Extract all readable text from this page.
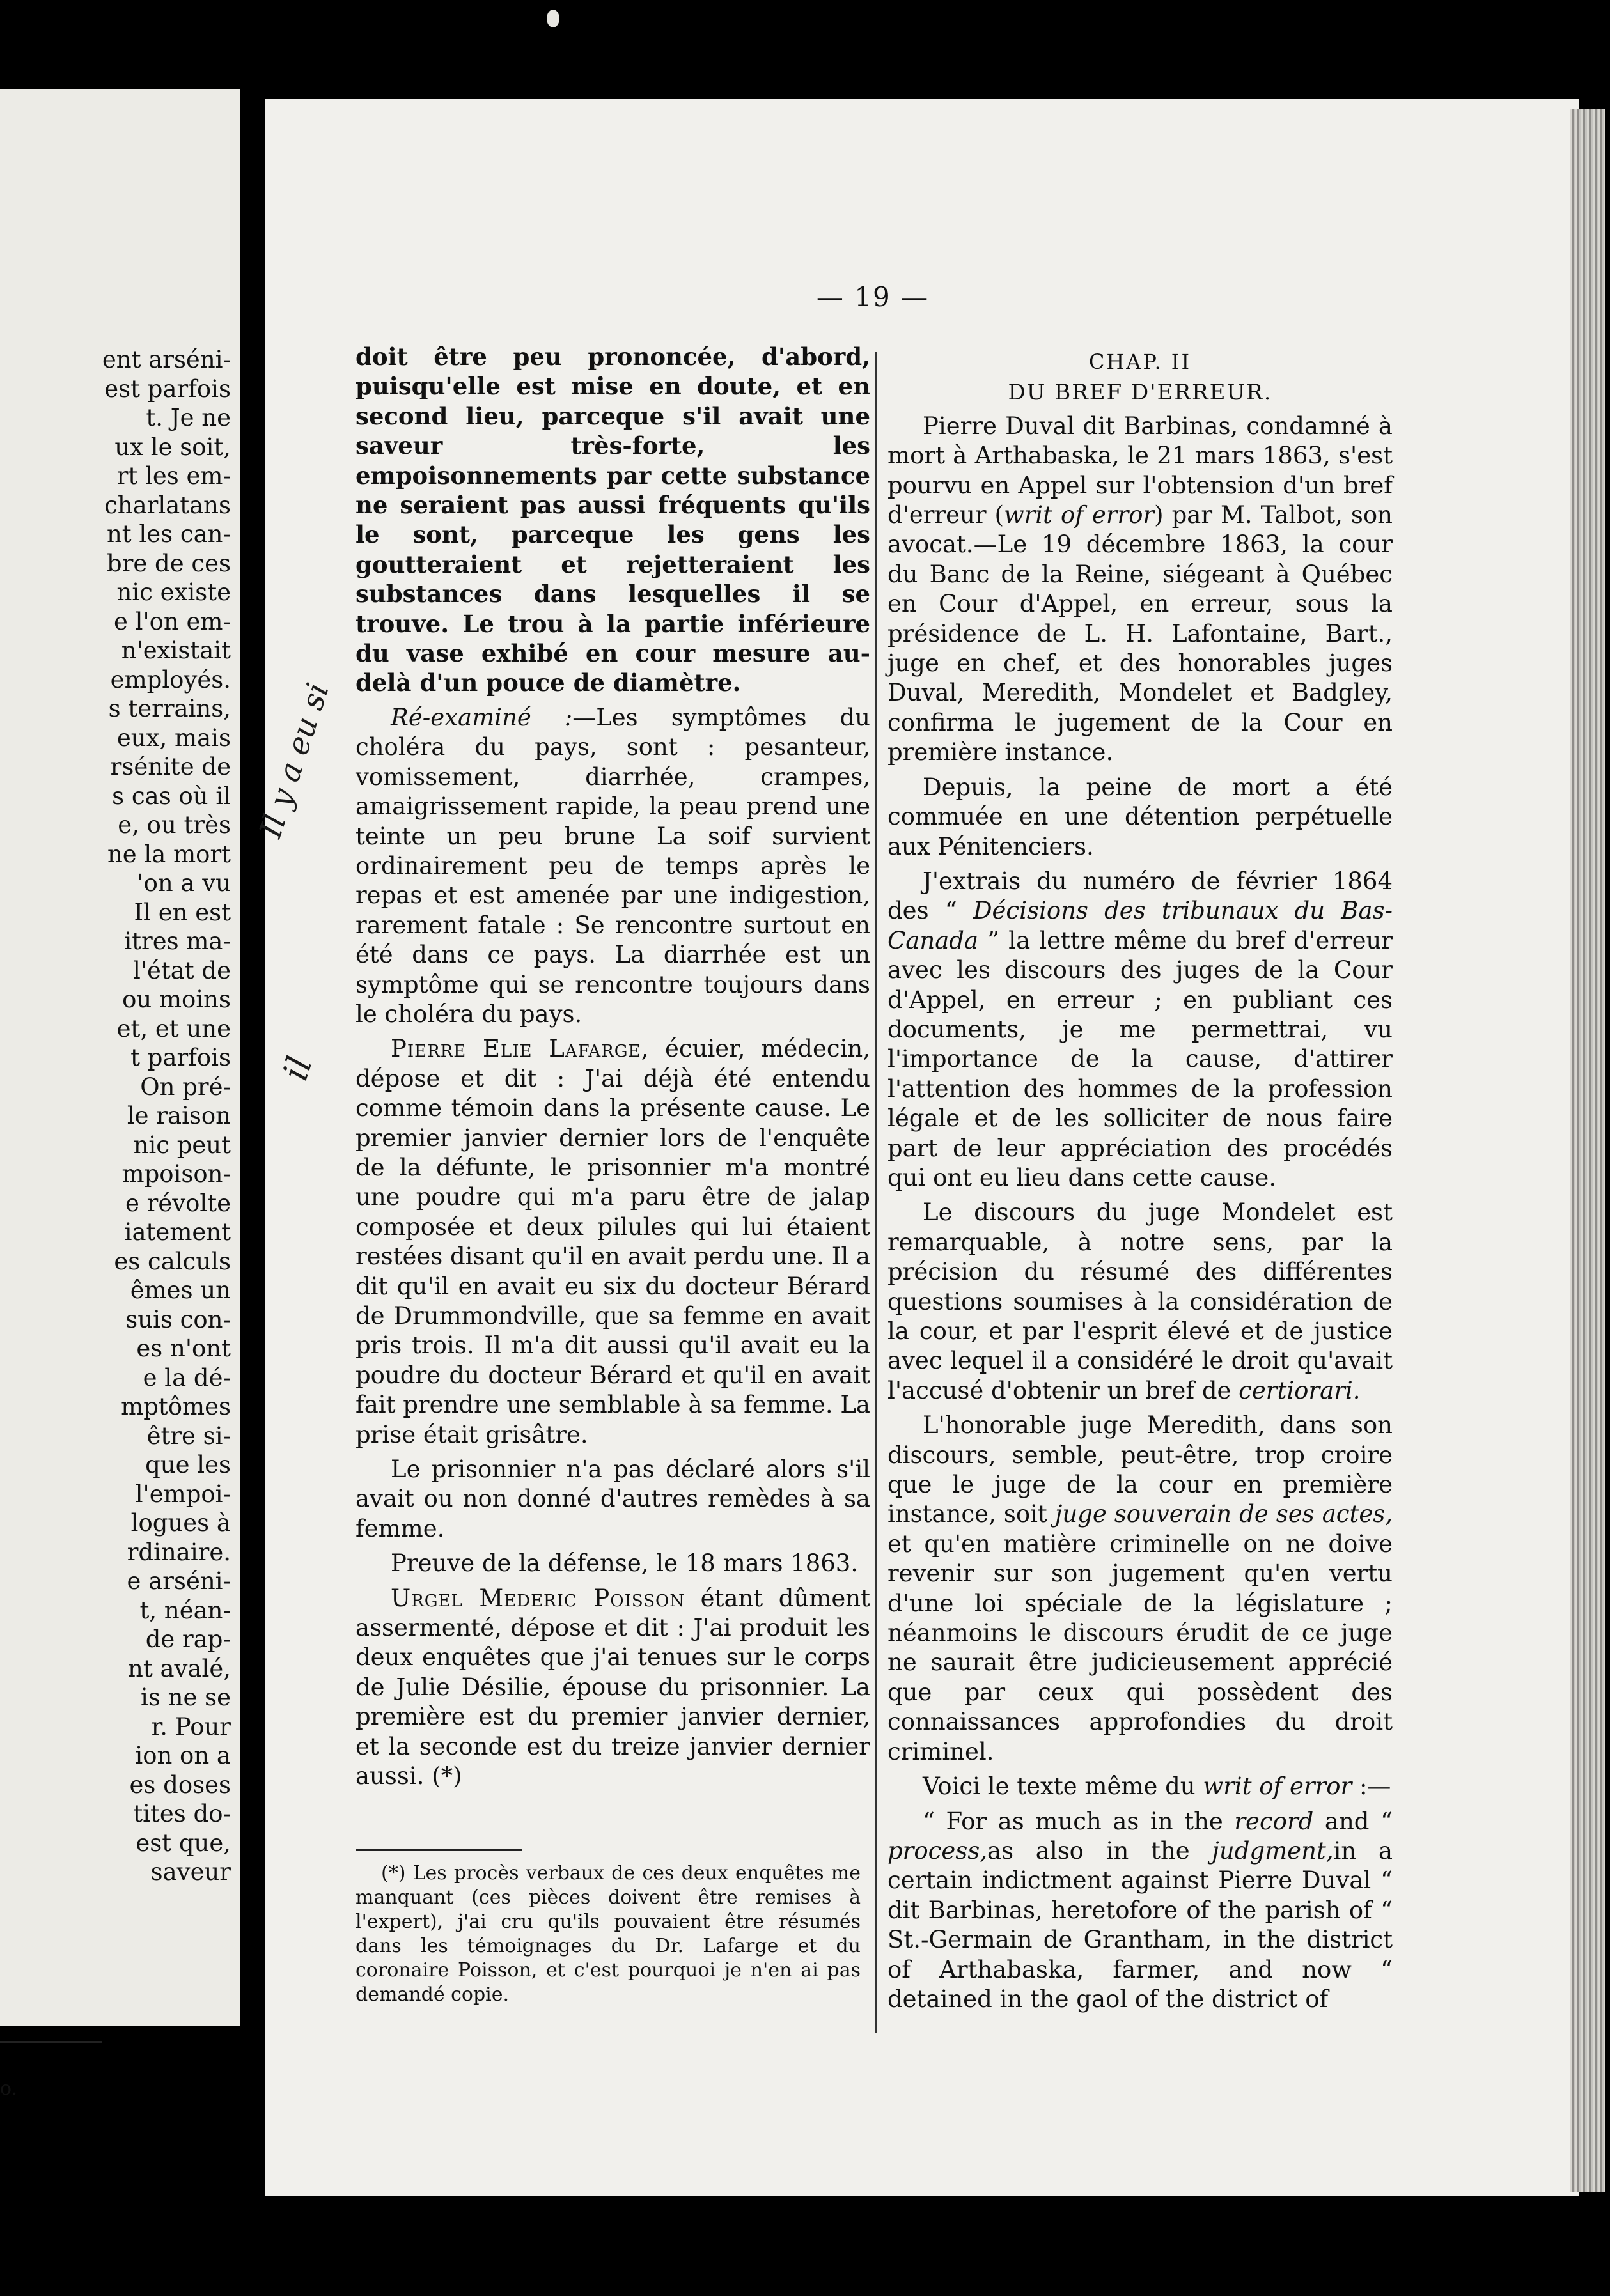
ent arséni-
est parfois
t. Je ne
ux le soit,
rt les em-
charlatans
nt les can-
bre de ces
nic existe
e l'on em-
n'existait
employés.
s terrains,
eux, mais
rsénite de
s cas où il
e, ou très
ne la mort
'on a vu
Il en est
itres ma-
l'état de
ou moins
et, et une
t parfois
On pré-
le raison
nic peut
mpoison-
e révolte
iatement
es calculs
êmes un
suis con-
es n'ont
e la dé-
mptômes
être si-
que les
l'empoi-
logues à
rdinaire.
e arséni-
t, néan-
de rap-
nt avalé,
is ne se
r. Pour
ion on a
es doses
tites do-
est que,
saveur
o.
— 19 —
Il y a eu si
il

doit être peu prononcée, d'abord, puisqu'elle est mise en doute, et en second lieu, parceque s'il avait une saveur très-forte, les empoisonnements par cette substance ne seraient pas aussi fréquents qu'ils le sont, parceque les gens les goutteraient et rejetteraient les substances dans lesquelles il se trouve. Le trou à la partie inférieure du vase exhibé en cour mesure au-delà d'un pouce de diamètre.

Ré-examiné :—Les symptômes du choléra du pays, sont : pesanteur, vomissement, diarrhée, crampes, amaigrissement rapide, la peau prend une teinte un peu brune La soif survient ordinairement peu de temps après le repas et est amenée par une indigestion, rarement fatale : Se rencontre surtout en été dans ce pays. La diarrhée est un symptôme qui se rencontre toujours dans le choléra du pays.

Pierre Elie Lafarge, écuier, médecin, dépose et dit : J'ai déjà été entendu comme témoin dans la présente cause. Le premier janvier dernier lors de l'enquête de la défunte, le prisonnier m'a montré une poudre qui m'a paru être de jalap composée et deux pilules qui lui étaient restées disant qu'il en avait perdu une. Il a dit qu'il en avait eu six du docteur Bérard de Drummondville, que sa femme en avait pris trois. Il m'a dit aussi qu'il avait eu la poudre du docteur Bérard et qu'il en avait fait prendre une semblable à sa femme. La prise était grisâtre.

Le prisonnier n'a pas déclaré alors s'il avait ou non donné d'autres remèdes à sa femme.

Preuve de la défense, le 18 mars 1863.

Urgel Mederic Poisson étant dûment assermenté, dépose et dit : J'ai produit les deux enquêtes que j'ai tenues sur le corps de Julie Désilie, épouse du prisonnier. La première est du premier janvier dernier, et la seconde est du treize janvier dernier aussi. (*)

(*) Les procès verbaux de ces deux enquêtes me manquant (ces pièces doivent être remises à l'expert), j'ai cru qu'ils pouvaient être résumés dans les témoignages du Dr. Lafarge et du coronaire Poisson, et c'est pourquoi je n'en ai pas demandé copie.

CHAP. II
DU BREF D'ERREUR.

Pierre Duval dit Barbinas, condamné à mort à Arthabaska, le 21 mars 1863, s'est pourvu en Appel sur l'obtension d'un bref d'erreur (writ of error) par M. Talbot, son avocat.—Le 19 décembre 1863, la cour du Banc de la Reine, siégeant à Québec en Cour d'Appel, en erreur, sous la présidence de L. H. Lafontaine, Bart., juge en chef, et des honorables juges Duval, Meredith, Mondelet et Badgley, confirma le jugement de la Cour en première instance.

Depuis, la peine de mort a été commuée en une détention perpétuelle aux Pénitenciers.

J'extrais du numéro de février 1864 des “ Décisions des tribunaux du Bas-Canada ” la lettre même du bref d'erreur avec les discours des juges de la Cour d'Appel, en erreur ; en publiant ces documents, je me permettrai, vu l'importance de la cause, d'attirer l'attention des hommes de la profession légale et de les solliciter de nous faire part de leur appréciation des procédés qui ont eu lieu dans cette cause.

Le discours du juge Mondelet est remarquable, à notre sens, par la précision du résumé des différentes questions soumises à la considération de la cour, et par l'esprit élevé et de justice avec lequel il a considéré le droit qu'avait l'accusé d'obtenir un bref de certiorari.

L'honorable juge Meredith, dans son discours, semble, peut-être, trop croire que le juge de la cour en première instance, soit juge souverain de ses actes, et qu'en matière criminelle on ne doive revenir sur son jugement qu'en vertu d'une loi spéciale de la législature ; néanmoins le discours érudit de ce juge ne saurait être judicieusement apprécié que par ceux qui possèdent des connaissances approfondies du droit criminel.

Voici le texte même du writ of error :—

“ For as much as in the record and “ process,as also in the judgment,in a certain indictment against Pierre Duval “ dit Barbinas, heretofore of the parish of “ St.-Germain de Grantham, in the district of Arthabaska, farmer, and now “ detained in the gaol of the district of
